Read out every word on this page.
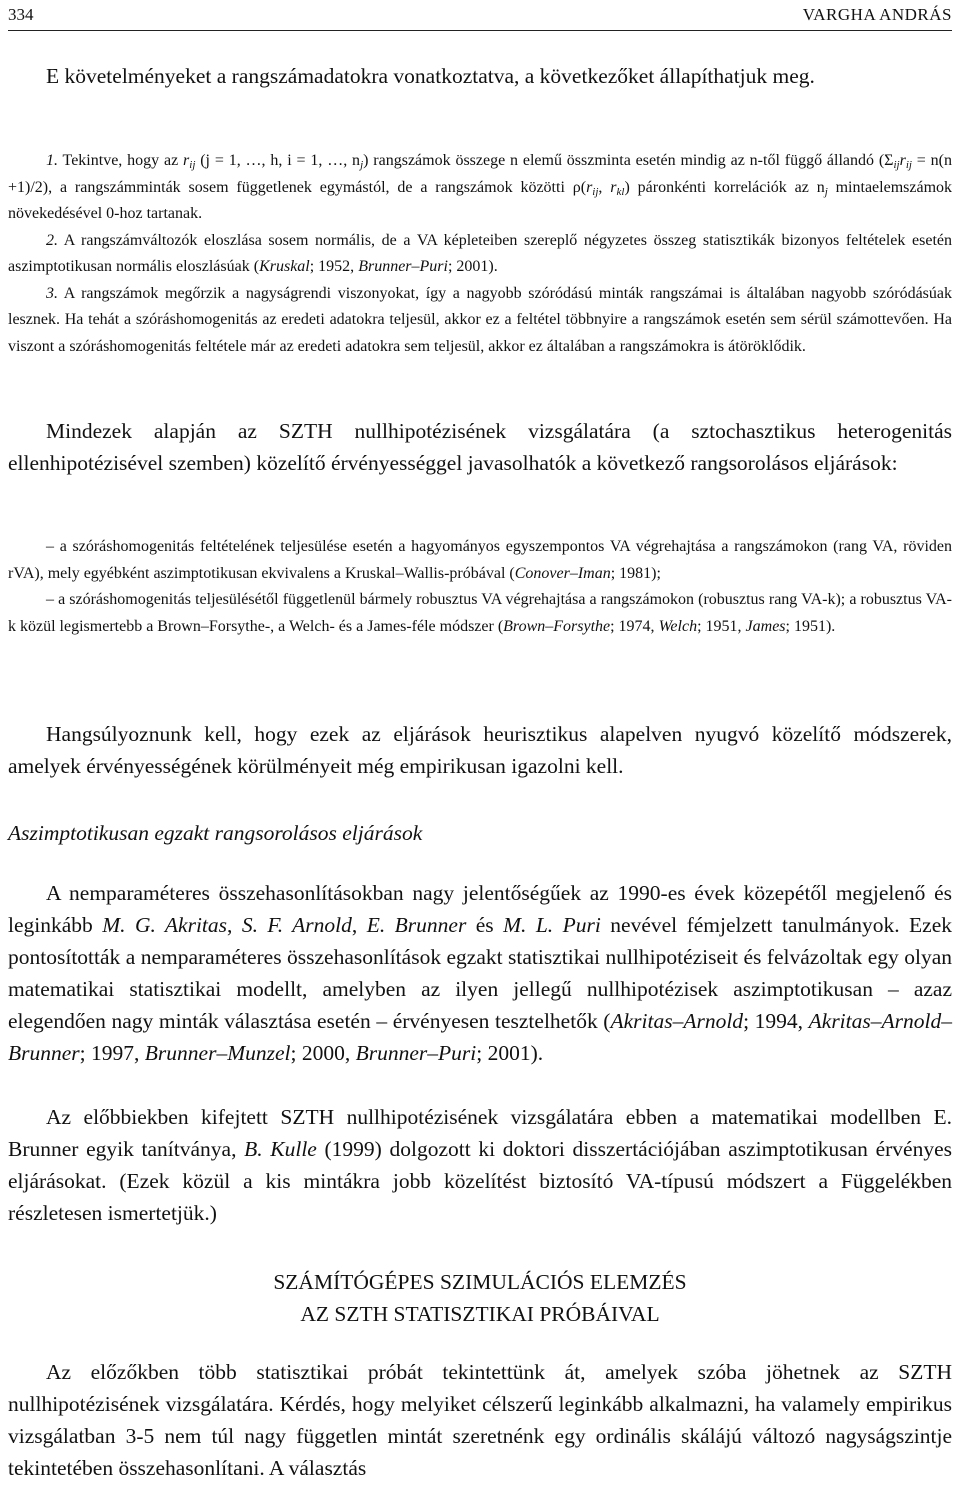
334	VARGHA ANDRÁS

E követelményeket a rangszámadatokra vonatkoztatva, a következőket állapíthatjuk meg.

1. Tekintve, hogy az $r_{ij}$ (j = 1, …, h, i = 1, …, $n_j$) rangszámok összege n elemű összminta esetén mindig az n-től függő állandó $(\Sigma_{ij}r_{ij} = n(n +1)/2)$, a rangszámminták sosem függetlenek egymástól, de a rangszámok közötti $\rho(r_{ij}$, $r_{kl}$) páronkénti korrelációk az $n_j$ mintaelemszámok növekedésével 0-hoz tartanak.

2. A rangszámváltozók eloszlása sosem normális, de a VA képleteiben szereplő négyzetes összeg statisztikák bizonyos feltételek esetén aszimptotikusan normális eloszlásúak (Kruskal; 1952, Brunner–Puri; 2001).

3. A rangszámok megőrzik a nagyságrendi viszonyokat, így a nagyobb szóródású minták rangszámai is általában nagyobb szóródásúak lesznek. Ha tehát a szóráshomogenitás az eredeti adatokra teljesül, akkor ez a feltétel többnyire a rangszámok esetén sem sérül számottevően. Ha viszont a szóráshomogenitás feltétele már az eredeti adatokra sem teljesül, akkor ez általában a rangszámokra is átöröklődik.

Mindezek alapján az SZTH nullhipotézisének vizsgálatára (a sztochasztikus heterogenitás ellenhipotézisével szemben) közelítő érvényességgel javasolhatók a következő rangsorolásos eljárások:

– a szóráshomogenitás feltételének teljesülése esetén a hagyományos egyszempontos VA végrehajtása a rangszámokon (rang VA, röviden rVA), mely egyébként aszimptotikusan ekvivalens a Kruskal–Wallis-próbával (Conover–Iman; 1981);

– a szóráshomogenitás teljesülésétől függetlenül bármely robusztus VA végrehajtása a rangszámokon (robusztus rang VA-k); a robusztus VA-k közül legismertebb a Brown–Forsythe-, a Welch- és a James-féle módszer (Brown–Forsythe; 1974, Welch; 1951, James; 1951).

Hangsúlyoznunk kell, hogy ezek az eljárások heurisztikus alapelven nyugvó közelítő módszerek, amelyek érvényességének körülményeit még empirikusan igazolni kell.

Aszimptotikusan egzakt rangsorolásos eljárások

A nemparaméteres összehasonlításokban nagy jelentőségűek az 1990-es évek közepétől megjelenő és leginkább M. G. Akritas, S. F. Arnold, E. Brunner és M. L. Puri nevével fémjelzett tanulmányok. Ezek pontosították a nemparaméteres összehasonlítások egzakt statisztikai nullhipotéziseit és felvázoltak egy olyan matematikai statisztikai modellt, amelyben az ilyen jellegű nullhipotézisek aszimptotikusan – azaz elegendően nagy minták választása esetén – érvényesen tesztelhetők (Akritas–Arnold; 1994, Akritas–Arnold–Brunner; 1997, Brunner–Munzel; 2000, Brunner–Puri; 2001).

Az előbbiekben kifejtett SZTH nullhipotézisének vizsgálatára ebben a matematikai modellben E. Brunner egyik tanítványa, B. Kulle (1999) dolgozott ki doktori disszertációjában aszimptotikusan érvényes eljárásokat. (Ezek közül a kis mintákra jobb közelítést biztosító VA-típusú módszert a Függelékben részletesen ismertetjük.)

SZÁMÍTÓGÉPES SZIMULÁCIÓS ELEMZÉS
AZ SZTH STATISZTIKAI PRÓBÁIVAL

Az előzőkben több statisztikai próbát tekintettünk át, amelyek szóba jöhetnek az SZTH nullhipotézisének vizsgálatára. Kérdés, hogy melyiket célszerű leginkább alkalmazni, ha valamely empirikus vizsgálatban 3-5 nem túl nagy független mintát szeretnénk egy ordinális skálájú változó nagyságszintje tekintetében összehasonlítani. A választás
